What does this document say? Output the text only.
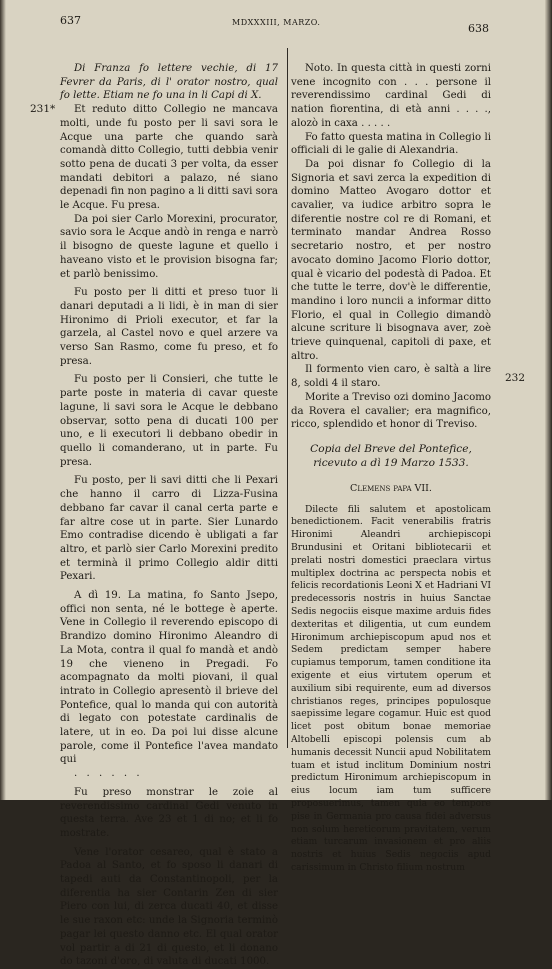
637	MDXXXIII, MARZO.	638
231*
232

Di Franza fo lettere vechie, di 17 Fevrer da Paris, di l' orator nostro, qual fo lette. Etiam ne fo una in li Capi di X.

Et reduto ditto Collegio ne mancava molti, unde fu posto per li savi sora le Acque una parte che quando sarà comandà ditto Collegio, tutti debbia venir sotto pena de ducati 3 per volta, da esser mandati debitori a palazo, né siano depenadi fin non pagino a li ditti savi sora le Acque. Fu presa.

Da poi sier Carlo Morexini, procurator, savio sora le Acque andò in renga e narrò il bisogno de queste lagune et quello i haveano visto et le provision bisogna far; et parlò benissimo.

Fu posto per li ditti et preso tuor li danari deputadi a li lidi, è in man di sier Hironimo di Prioli executor, et far la garzela, al Castel novo e quel arzere va verso San Rasmo, come fu preso, et fo presa.

Fu posto per li Consieri, che tutte le parte poste in materia di cavar queste lagune, li savi sora le Acque le debbano observar, sotto pena di ducati 100 per uno, e li executori li debbano obedir in quello li comanderano, ut in parte. Fu presa.

Fu posto, per li savi ditti che li Pexari che hanno il carro di Lizza-Fusina debbano far cavar il canal certa parte e far altre cose ut in parte. Sier Lunardo Emo contradise dicendo è ubligati a far altro, et parlò sier Carlo Morexini predito et terminà il primo Collegio aldir ditti Pexari.

A dì 19. La matina, fo Santo Jsepo, offici non senta, né le bottege è aperte. Vene in Collegio il reverendo episcopo di Brandizo domino Hironimo Aleandro di La Mota, contra il qual fo mandà et andò 19 che vieneno in Pregadi. Fo acompagnato da molti piovani, il qual intrato in Collegio apresentò il brieve del Pontefice, qual lo manda qui con autorità di legato con potestate cardinalis de latere, ut in eo. Da poi lui disse alcune parole, come il Pontefice l'avea mandato qui

. . . . . .

Fu preso monstrar le zoie al reverendissimo cardinal Gedi venuto in questa terra. Ave 23 et 1 di no; et li fo mostrate.

Vene l'orator cesareo, qual è stato a Padoa al Santo, et fo sposo li danari di tapedi auti da Constantinopoli, per la diferentia ha sier Contarin Zen di sier Piero con lui, di zerca ducati 40, et disse le sue raxon etc: unde la Signoria terminò pagar lei questo danno etc. El qual orator vol partir a di 21 di questo, et li donano do tazoni d'oro, di valuta di ducati 1000.

Noto. In questa città in questi zorni vene incognito con . . . persone il reverendissimo cardinal Gedi di nation fiorentina, di età anni . . . ., alozò in caxa . . . . .

Fo fatto questa matina in Collegio li officiali di le galie di Alexandria.

Da poi disnar fo Collegio di la Signoria et savi zerca la expedition di domino Matteo Avogaro dottor et cavalier, va iudice arbitro sopra le diferentie nostre col re di Romani, et terminato mandar Andrea Rosso secretario nostro, et per nostro avocato domino Jacomo Florio dottor, qual è vicario del podestà di Padoa. Et che tutte le terre, dov'è le differentie, mandino i loro nuncii a informar ditto Florio, el qual in Collegio dimandò alcune scriture li bisognava aver, zoè trieve quinquenal, capitoli di paxe, et altro.

Il formento vien caro, è saltà a lire 8, soldi 4 il staro.

Morite a Treviso ozi domino Jacomo da Rovera el cavalier; era magnifico, ricco, splendido et honor di Treviso.

Copia del Breve del Pontefice, ricevuto a dì 19 Marzo 1533.

Clemens papa VII.

Dilecte fili salutem et apostolicam benedictionem. Facit venerabilis fratris Hironimi Aleandri archiepiscopi Brundusini et Oritani bibliotecarii et prelati nostri domestici praeclara virtus multiplex doctrina ac perspecta nobis et felicis recordationis Leoni X et Hadriani VI predecessoris nostris in huius Sanctae Sedis negociis eisque maxime arduis fides dexteritas et diligentia, ut cum eundem Hironimum archiepiscopum apud nos et Sedem predictam semper habere cupiamus temporum, tamen conditione ita exigente et eius virtutem operum et auxilium sibi requirente, eum ad diversos christianos reges, principes populosque saepissime legare cogamur. Huic est quod licet post obitum bonae memoriae Altobelli episcopi polensis cum ab humanis decessit Nuncii apud Nobilitatem tuam et istud inclitum Dominium nostri predictum Hironimum archiepiscopum in eius locum iam tum sufficere proposuerimus, tamen quia eo tempore pise in Germania pro causa fidei adversus non solum hereticorum pravitatem, verum etiam turcarum invasionem et pro aliis nostris et huius Sedis negociis apud carissimum in Christo filium nostrum
